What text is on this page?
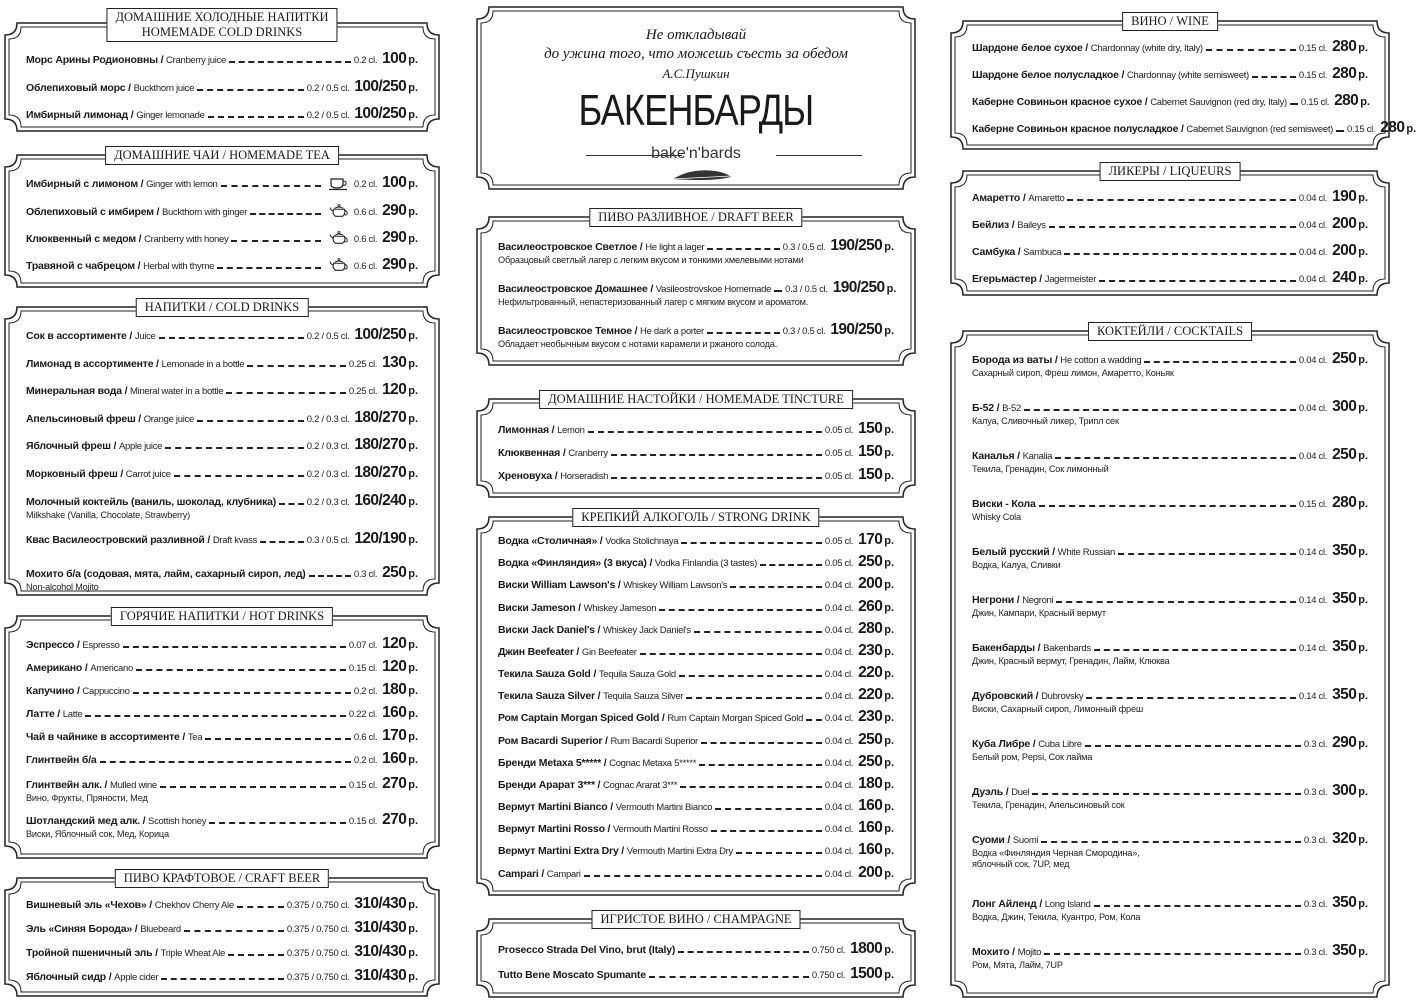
ДОМАШНИЕ ХОЛОДНЫЕ НАПИТКИ
HOMEMADE COLD DRINKS
Морс Арины Родионовны / Cranberry juice	0.2 cl. 100 р.
Облепиховый морс / Buckthorn juice	0.2 / 0.5 cl. 100/250 р.
Имбирный лимонад / Ginger lemonade	0.2 / 0.5 cl. 100/250 р.
ДОМАШНИЕ ЧАИ / HOMEMADE TEA
Имбирный с лимоном / Ginger with lemon	0.2 cl. 100 р.
Облепиховый с имбирем / Buckthorn with ginger	0.6 cl. 290 р.
Клюквенный с медом / Cranberry with honey	0.6 cl. 290 р.
Травяной с чабрецом / Herbal with thyme	0.6 cl. 290 р.
НАПИТКИ / COLD DRINKS
Сок в ассортименте / Juice	0.2 / 0.5 cl. 100/250 р.
Лимонад в ассортименте / Lemonade in a bottle	0.25 cl. 130 р.
Минеральная вода / Mineral water in a bottle	0.25 cl. 120 р.
Апельсиновый фреш / Orange juice	0.2 / 0.3 cl. 180/270 р.
Яблочный фреш / Apple juice	0.2 / 0.3 cl. 180/270 р.
Морковный фреш / Carrot juice	0.2 / 0.3 cl. 180/270 р.
Молочный коктейль (ваниль, шоколад, клубника)	0.2 / 0.3 cl. 160/240 р.
Milkshake (Vanilla, Chocolate, Strawberry)
Квас Василеостровский разливной / Draft kvass	0.3 / 0.5 cl. 120/190 р.
Мохито б/а (содовая, мята, лайм, сахарный сироп, лед)	0.3 cl. 250 р.
Non-alcohol Mojito
ГОРЯЧИЕ НАПИТКИ / HOT DRINKS
Эспрессо / Espresso	0.07 cl. 120 р.
Американо / Americano	0.15 cl. 120 р.
Капучино / Cappuccino	0.2 cl. 180 р.
Латте / Latte	0.22 cl. 160 р.
Чай в чайнике в ассортименте / Tea	0.6 cl. 170 р.
Глинтвейн б/а	0.2 cl. 160 р.
Глинтвейн алк. / Mulled wine	0.15 cl. 270 р.
Вино, Фрукты, Пряности, Мед
Шотландский мед алк. / Scottish honey	0.15 cl. 270 р.
Виски, Яблочный сок, Мед, Корица
ПИВО КРАФТОВОЕ / CRAFT BEER
Вишневый эль «Чехов» / Chekhov Cherry Ale	0.375 / 0.750 cl. 310/430 р.
Эль «Синяя Борода» / Bluebeard	0.375 / 0.750 cl. 310/430 р.
Тройной пшеничный эль / Triple Wheat Ale	0.375 / 0.750 cl. 310/430 р.
Яблочный сидр / Apple cider	0.375 / 0.750 cl. 310/430 р.
Не откладывай
до ужина того, что можешь съесть за обедом
А.С.Пушкин
БАКЕНБАРДЫ
bake'n'bards
ПИВО РАЗЛИВНОЕ / DRAFT BEER
Василеостровское Светлое / He light a lager	0.3 / 0.5 cl. 190/250 р.
Образцовый светлый лагер с легким вкусом и тонкими хмелевыми нотами
Василеостровское Домашнее / Vasileostrovskoe Homemade 0.3 / 0.5 cl. 190/250 р.
Нефильтрованный, непастеризованный лагер с мягким вкусом и ароматом.
Василеостровское Темное / He dark a porter	0.3 / 0.5 cl. 190/250 р.
Обладает необычным вкусом с нотами карамели и ржаного солода.
ДОМАШНИЕ НАСТОЙКИ / HOMEMADE TINCTURE
Лимонная / Lemon	0.05 cl. 150 р.
Клюквенная / Cranberry	0.05 cl. 150 р.
Хреновуха / Horseradish	0.05 cl. 150 р.
КРЕПКИЙ АЛКОГОЛЬ / STRONG DRINK
Водка «Столичная» / Vodka Stolichnaya	0.05 cl. 170 р.
Водка «Финляндия» (3 вкуса) / Vodka Finlandia (3 tastes)	0.05 cl. 250 р.
Виски William Lawson's / Whiskey William Lawson's	0.04 cl. 200 р.
Виски Jameson / Whiskey Jameson	0.04 cl. 260 р.
Виски Jack Daniel's / Whiskey Jack Daniel's	0.04 cl. 280 р.
Джин Beefeater / Gin Beefeater	0.04 cl. 230 р.
Текила Sauza Gold / Tequila Sauza Gold	0.04 cl. 220 р.
Текила Sauza Silver / Tequila Sauza Silver	0.04 cl. 220 р.
Ром Captain Morgan Spiced Gold / Rum Captain Morgan Spiced Gold 0.04 cl. 230 р.
Ром Bacardi Superior / Rum Bacardi Superior	0.04 cl. 250 р.
Бренди Metaxa 5***** / Cognac Metaxa 5*****	0.04 cl. 250 р.
Бренди Арарат 3*** / Cognac Ararat 3***	0.04 cl. 180 р.
Вермут Martini Bianco / Vermouth Martini Bianco	0.04 cl. 160 р.
Вермут Martini Rosso / Vermouth Martini Rosso	0.04 cl. 160 р.
Вермут Martini Extra Dry / Vermouth Martini Extra Dry	0.04 cl. 160 р.
Campari / Campari	0.04 cl. 200 р.
ИГРИСТОЕ ВИНО / CHAMPAGNE
Prosecco Strada Del Vino, brut (Italy)	0.750 cl. 1800 р.
Tutto Bene Moscato Spumante	0.750 cl. 1500 р.
ВИНО / WINE
Шардоне белое сухое / Chardonnay (white dry, Italy)	0.15 cl. 280 р.
Шардоне белое полусладкое / Chardonnay (white semisweet)	0.15 cl. 280 р.
Каберне Совиньон красное сухое / Cabernet Sauvignon (red dry, Italy) 0.15 cl. 280 р.
Каберне Совиньон красное полусладкое / Cabernet Sauvignon (red semisweet) 0.15 cl. 280 р.
ЛИКЕРЫ / LIQUEURS
Амаретто / Amaretto	0.04 cl. 190 р.
Бейлиз / Baileys	0.04 cl. 200 р.
Самбука / Sambuca	0.04 cl. 200 р.
Егерьмастер / Jagermeister	0.04 cl. 240 р.
КОКТЕЙЛИ / COCKTAILS
Борода из ваты / He cotton a wadding	0.04 cl. 250 р.
Сахарный сироп, Фреш лимон, Амаретто, Коньяк
Б-52 / B-52	0.04 cl. 300 р.
Калуа, Сливочный ликер, Трипл сек
Каналья / Kanalia	0.04 cl. 250 р.
Текила, Гренадин, Сок лимонный
Виски - Кола	0.15 cl. 280 р.
Whisky Cola
Белый русский / White Russian	0.14 cl. 350 р.
Водка, Калуа, Сливки
Негрони / Negroni	0.14 cl. 350 р.
Джин, Кампари, Красный вермут
Бакенбарды / Bakenbards	0.14 cl. 350 р.
Джин, Красный вермут, Гренадин, Лайм, Клюква
Дубровский / Dubrovsky	0.14 cl. 350 р.
Виски, Сахарный сироп, Лимонный фреш
Куба Либре / Cuba Libre	0.3 cl. 290 р.
Белый ром, Pepsi, Сок лайма
Дуэль / Duel	0.3 cl. 300 р.
Текила, Гренадин, Апельсиновый сок
Суоми / Suomi	0.3 cl. 320 р.
Водка «Финляндия Черная Смородина»,
яблочный сок, 7UP, мед
Лонг Айленд / Long Island	0.3 cl. 350 р.
Водка, Джин, Текила, Куантро, Ром, Кола
Мохито / Mojito	0.3 cl. 350 р.
Ром, Мята, Лайм, 7UP
